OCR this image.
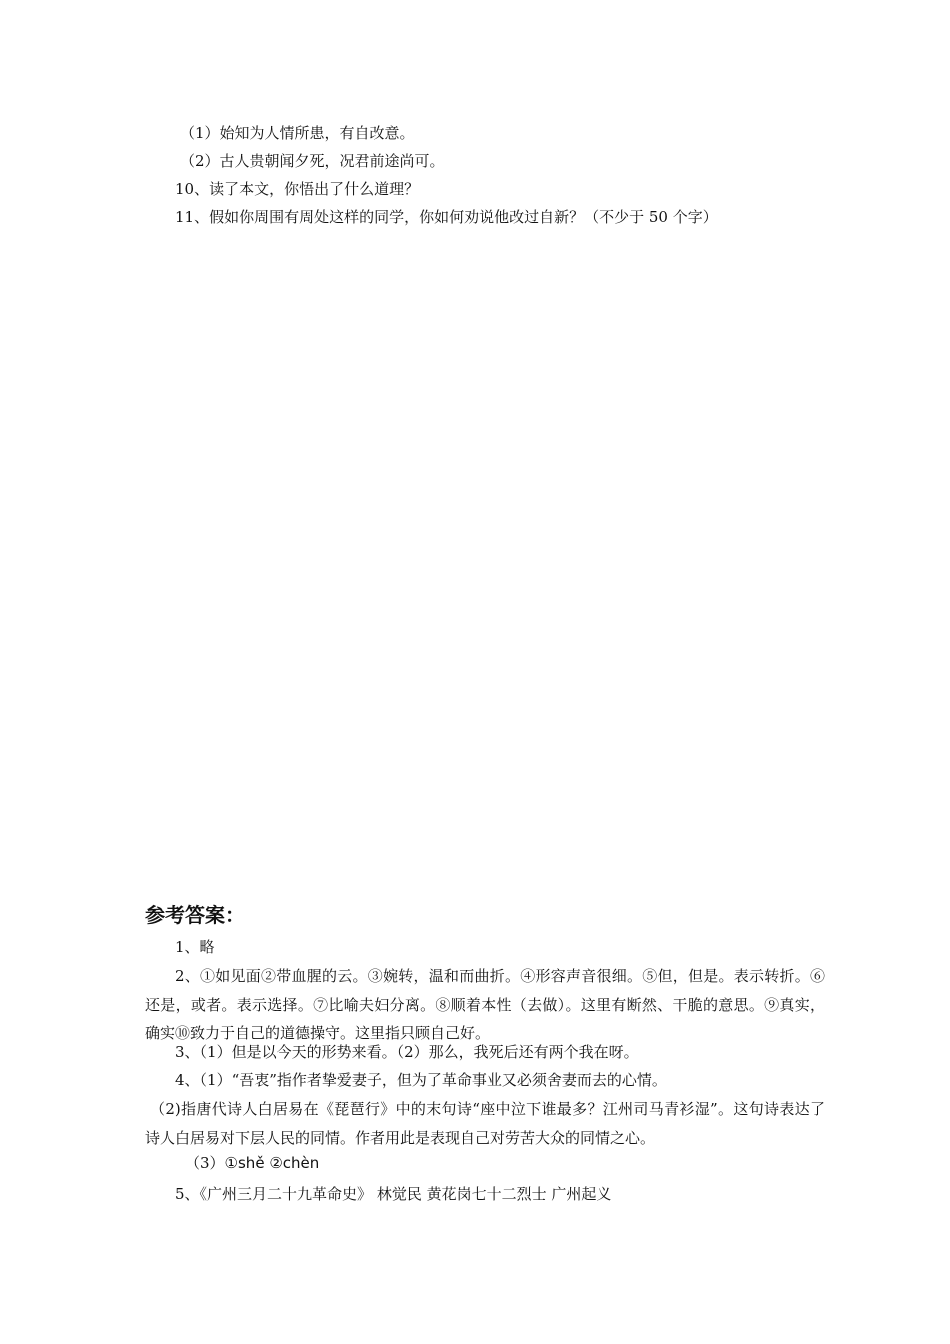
（1）始知为人情所患，有自改意。
（2）古人贵朝闻夕死，况君前途尚可。
10、读了本文，你悟出了什么道理？
11、假如你周围有周处这样的同学，你如何劝说他改过自新？（不少于 50 个字）
参考答案：
1、略
2、①如见面②带血腥的云。③婉转，温和而曲折。④形容声音很细。⑤但，但是。表示转折。⑥还是，或者。表示选择。⑦比喻夫妇分离。⑧顺着本性（去做）。这里有断然、干脆的意思。⑨真实，确实⑩致力于自己的道德操守。这里指只顾自己好。
3、（1）但是以今天的形势来看。（2）那么，我死后还有两个我在呀。
4、（1）“吾衷”指作者挚爱妻子，但为了革命事业又必须舍妻而去的心情。
（2)指唐代诗人白居易在《琵琶行》中的末句诗“座中泣下谁最多？江州司马青衫湿”。这句诗表达了诗人白居易对下层人民的同情。作者用此是表现自己对劳苦大众的同情之心。
（3）①shě ②chèn
5、《广州三月二十九革命史》 林觉民 黄花岗七十二烈士 广州起义
